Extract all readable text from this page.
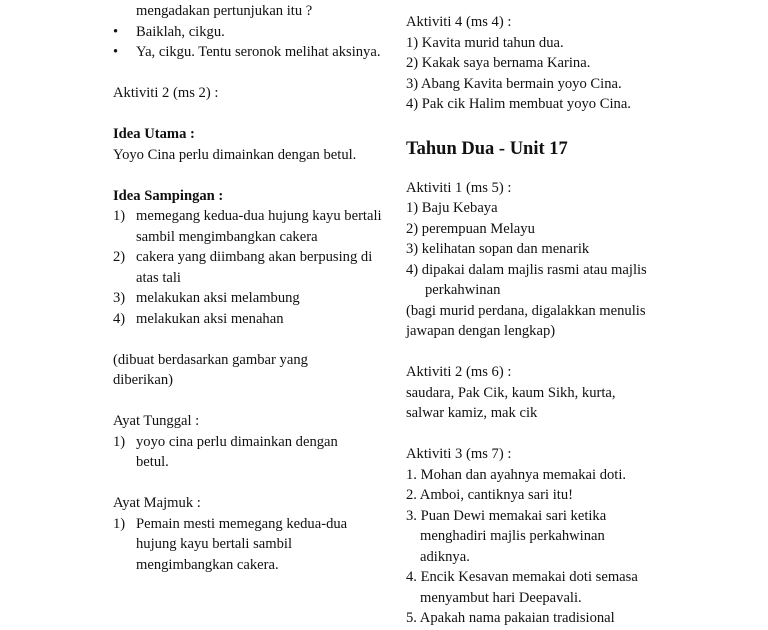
mengadakan pertunjukan itu ?

• Baiklah, cikgu.

• Ya, cikgu. Tentu seronok melihat aksinya.

Aktiviti 2 (ms 2) :

Idea Utama :

Yoyo Cina perlu dimainkan dengan betul.

Idea Sampingan :

1) memegang kedua-dua hujung kayu bertali sambil mengimbangkan cakera

2) cakera yang diimbang akan berpusing di atas tali

3) melakukan aksi melambung

4) melakukan aksi menahan

(dibuat berdasarkan gambar yang diberikan)

Ayat Tunggal :

1) yoyo cina perlu dimainkan dengan betul.

Ayat Majmuk :

1) Pemain mesti memegang kedua-dua hujung kayu bertali sambil mengimbangkan cakera.

Aktiviti 4 (ms 4) :

1) Kavita murid tahun dua.

2) Kakak saya bernama Karina.

3) Abang Kavita bermain yoyo Cina.

4) Pak cik Halim membuat yoyo Cina.

Tahun Dua - Unit 17

Aktiviti 1 (ms 5) :

1) Baju Kebaya

2) perempuan Melayu

3) kelihatan sopan dan menarik

4) dipakai dalam majlis rasmi atau majlis perkahwinan

(bagi murid perdana, digalakkan menulis jawapan dengan lengkap)

Aktiviti 2 (ms 6) :

saudara, Pak Cik, kaum Sikh, kurta, salwar kamiz, mak cik

Aktiviti 3 (ms 7) :

1. Mohan dan ayahnya memakai doti.

2. Amboi, cantiknya sari itu!

3. Puan Dewi memakai sari ketika menghadiri majlis perkahwinan adiknya.

4. Encik Kesavan memakai doti semasa menyambut hari Deepavali.

5. Apakah nama pakaian tradisional
